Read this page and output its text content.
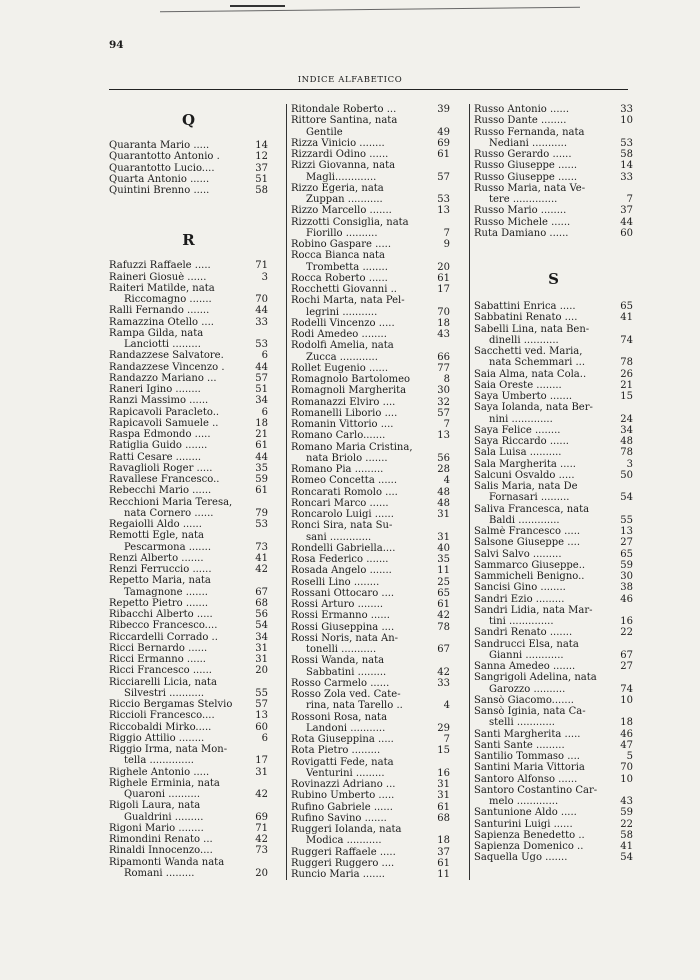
94
INDICE ALFABETICO
Q
Quaranta Mario .....	14
Quarantotto Antonio .	12
Quarantotto Lucio....	37
Quarta Antonio ......	51
Quintini Brenno .....	58
R
Rafuzzi Raffaele .....	71
Raineri Giosuè ......	3
Raiteri Matilde, nata
Riccomagno .......	70
Ralli Fernando .......	44
Ramazzina Otello ....	33
Rampa Gilda, nata
Lanciotti .........	53
Randazzese Salvatore.	6
Randazzese Vincenzo .	44
Randazzo Mariano ...	57
Raneri Igino ........	51
Ranzi Massimo ......	34
Rapicavoli Paracleto..	6
Rapicavoli Samuele ..	18
Raspa Edmondo .....	21
Ratiglia Guido .......	61
Ratti Cesare ........	44
Ravaglioli Roger .....	35
Ravallese Francesco..	59
Rebecchi Mario ......	61
Recchioni Maria Teresa,
nata Cornero ......	79
Regaiolli Aldo ......	53
Remotti Egle, nata
Pescarmona .......	73
Renzi Alberto .......	41
Renzi Ferruccio ......	42
Repetto Maria, nata
Tamagnone .......	67
Repetto Pietro .......	68
Ribacchi Alberto .....	56
Ribecco Francesco....	54
Riccardelli Corrado ..	34
Ricci Bernardo ......	31
Ricci Ermanno ......	31
Ricci Francesco ......	20
Ricciarelli Licia, nata
Silvestri ...........	55
Riccio Bergamas Stelvio	57
Riccioli Francesco....	13
Riccobaldi Mirko.....	60
Riggio Attilio ........	6
Riggio Irma, nata Mon-
tella ..............	17
Righele Antonio .....	31
Righele Erminia, nata
Quaroni ..........	42
Rigoli Laura, nata
Gualdrini .........	69
Rigoni Mario ........	71
Rimondini Renato ...	42
Rinaldi Innocenzo....	73
Ripamonti Wanda nata
Romani .........	20
Ritondale Roberto ...	39
Rittore Santina, nata
Gentile	49
Rizza Vinicio ........	69
Rizzardi Odino ......	61
Rizzi Giovanna, nata
Magli.............	57
Rizzo Egeria, nata
Zuppan ...........	53
Rizzo Marcello .......	13
Rizzotti Consiglia, nata
Fiorillo ..........	7
Robino Gaspare .....	9
Rocca Bianca nata
Trombetta ........	20
Rocca Roberto ......	61
Rocchetti Giovanni ..	17
Rochi Marta, nata Pel-
legrini ...........	70
Rodelli Vincenzo .....	18
Rodi Amedeo ........	43
Rodolfi Amelia, nata
Zucca ............	66
Rollet Eugenio ......	77
Romagnolo Bartolomeo	8
Romagnoli Margherita	30
Romanazzi Elviro ....	32
Romanelli Liborio ....	57
Romanin Vittorio ....	7
Romano Carlo.......	13
Romano Maria Cristina,
nata Briolo .......	56
Romano Pia .........	28
Romeo Concetta ......	4
Roncarati Romolo ....	48
Roncari Marco ......	48
Roncarolo Luigi ......	31
Ronci Sira, nata Su-
sani .............	31
Rondelli Gabriella....	40
Rosa Federico .......	35
Rosada Angelo .......	11
Roselli Lino ........	25
Rossani Ottocaro ....	65
Rossi Arturo ........	61
Rossi Ermanno ......	42
Rossi Giuseppina ....	78
Rossi Noris, nata An-
tonelli ...........	67
Rossi Wanda, nata
Sabbatini .........	42
Rosso Carmelo ......	33
Rosso Zola ved. Cate-
rina, nata Tarello ..	4
Rossoni Rosa, nata
Landoni ...........	29
Rota Giuseppina .....	7
Rota Pietro .........	15
Rovigatti Fede, nata
Venturini .........	16
Rovinazzi Adriano ...	31
Rubino Umberto .....	31
Rufino Gabriele ......	61
Rufino Savino .......	68
Ruggeri Iolanda, nata
Modica ...........	18
Ruggeri Raffaele .....	37
Ruggeri Ruggero ....	61
Runcio Maria .......	11
Russo Antonio ......	33
Russo Dante ........	10
Russo Fernanda, nata
Nediani ...........	53
Russo Gerardo ......	58
Russo Giuseppe ......	14
Russo Giuseppe ......	33
Russo Maria, nata Ve-
tere ..............	7
Russo Mario ........	37
Russo Michele ......	44
Ruta Damiano ......	60
S
Sabattini Enrica .....	65
Sabbatini Renato ....	41
Sabelli Lina, nata Ben-
dinelli ...........	74
Sacchetti ved. Maria,
nata Schemmari ...	78
Saia Alma, nata Cola..	26
Saia Oreste ........	21
Saya Umberto .......	15
Saya Iolanda, nata Ber-
nini .............	24
Saya Felice ........	34
Saya Riccardo ......	48
Sala Luisa ..........	78
Sala Margherita .....	3
Salcuni Osvaldo .....	50
Salis Maria, nata De
Fornasari .........	54
Saliva Francesca, nata
Baldi .............	55
Salmè Francesco .....	13
Salsone Giuseppe ....	27
Salvi Salvo .........	65
Sammarco Giuseppe..	59
Sammicheli Benigno..	30
Sancisi Gino ........	38
Sandri Ezio .........	46
Sandri Lidia, nata Mar-
tini ..............	16
Sandri Renato .......	22
Sandrucci Elsa, nata
Gianni ............	67
Sanna Amedeo .......	27
Sangrigoli Adelina, nata
Garozzo ..........	74
Sansò Giacomo.......	10
Sansò Iginia, nata Ca-
stelli ............	18
Santi Margherita .....	46
Santi Sante .........	47
Santilio Tommaso ....	5
Santini Maria Vittoria	70
Santoro Alfonso ......	10
Santoro Costantino Car-
melo .............	43
Santunione Aldo .....	59
Santurini Luigi ......	22
Sapienza Benedetto ..	58
Sapienza Domenico ..	41
Saquella Ugo .......	54
